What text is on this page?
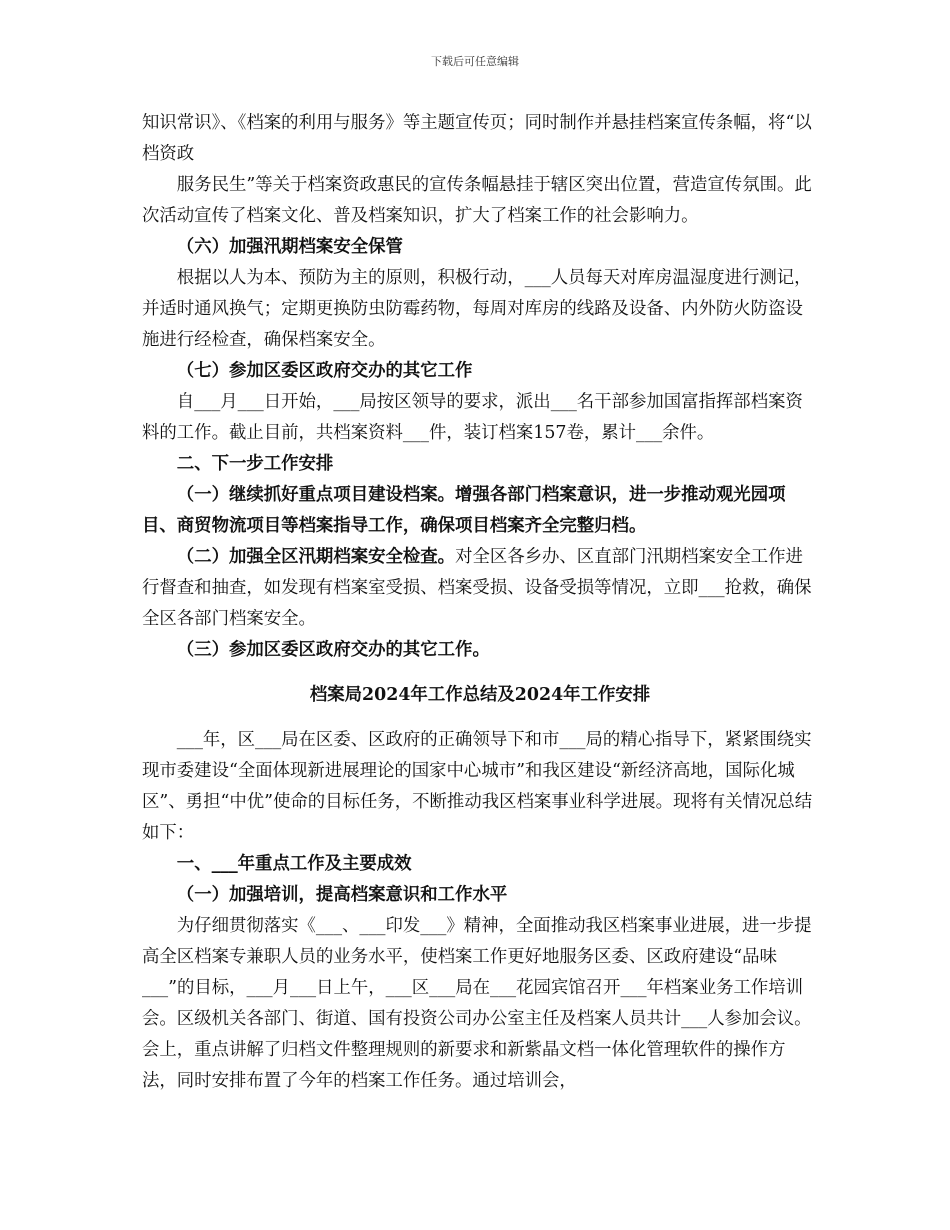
下载后可任意编辑

知识常识》、《档案的利用与服务》等主题宣传页；同时制作并悬挂档案宣传条幅，将“以档资政

服务民生”等关于档案资政惠民的宣传条幅悬挂于辖区突出位置，营造宣传氛围。此次活动宣传了档案文化、普及档案知识，扩大了档案工作的社会影响力。

（六）加强汛期档案安全保管

根据以人为本、预防为主的原则，积极行动，___人员每天对库房温湿度进行测记，并适时通风换气；定期更换防虫防霉药物，每周对库房的线路及设备、内外防火防盗设施进行经检查，确保档案安全。

（七）参加区委区政府交办的其它工作

自___月___日开始，___局按区领导的要求，派出___名干部参加国富指挥部档案资料的工作。截止目前，共档案资料___件，装订档案157卷，累计___余件。

二、下一步工作安排

（一）继续抓好重点项目建设档案。增强各部门档案意识，进一步推动观光园项目、商贸物流项目等档案指导工作，确保项目档案齐全完整归档。

（二）加强全区汛期档案安全检查。对全区各乡办、区直部门汛期档案安全工作进行督查和抽查，如发现有档案室受损、档案受损、设备受损等情况，立即___抢救，确保全区各部门档案安全。

（三）参加区委区政府交办的其它工作。

档案局2024年工作总结及2024年工作安排

___年，区___局在区委、区政府的正确领导下和市___局的精心指导下，紧紧围绕实现市委建设“全面体现新进展理论的国家中心城市”和我区建设“新经济高地，国际化城区”、勇担“中优”使命的目标任务，不断推动我区档案事业科学进展。现将有关情况总结如下：

一、___年重点工作及主要成效

（一）加强培训，提高档案意识和工作水平

为仔细贯彻落实《___、___印发___》精神，全面推动我区档案事业进展，进一步提高全区档案专兼职人员的业务水平，使档案工作更好地服务区委、区政府建设“品味___”的目标，___月___日上午，___区___局在___花园宾馆召开___年档案业务工作培训会。区级机关各部门、街道、国有投资公司办公室主任及档案人员共计___人参加会议。会上，重点讲解了归档文件整理规则的新要求和新紫晶文档一体化管理软件的操作方法，同时安排布置了今年的档案工作任务。通过培训会，
